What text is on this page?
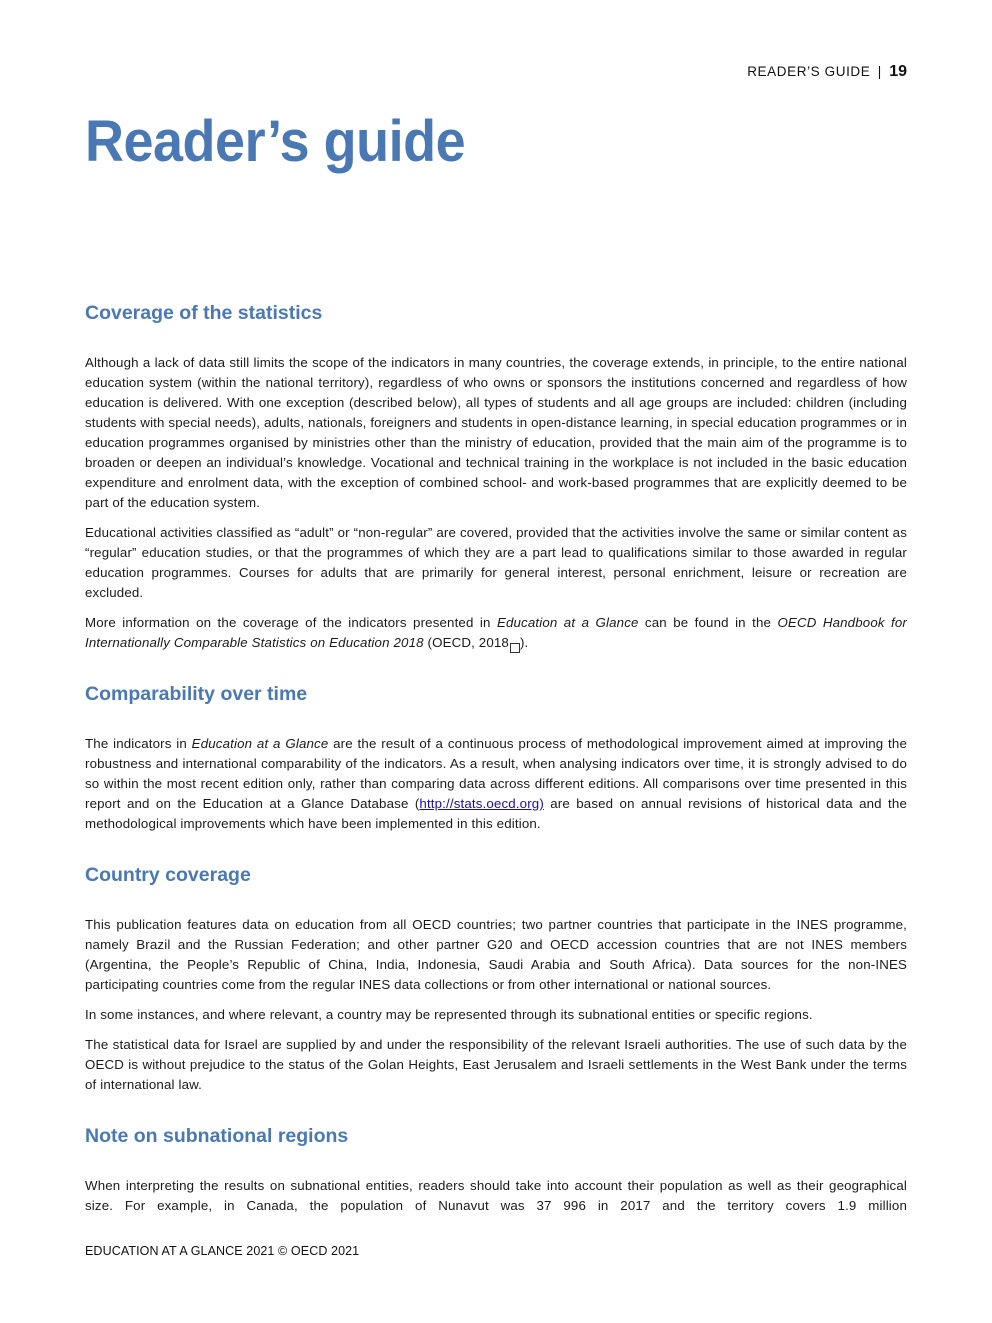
READER’S GUIDE | 19
Reader’s guide
Coverage of the statistics

Although a lack of data still limits the scope of the indicators in many countries, the coverage extends, in principle, to the entire national education system (within the national territory), regardless of who owns or sponsors the institutions concerned and regardless of how education is delivered. With one exception (described below), all types of students and all age groups are included: children (including students with special needs), adults, nationals, foreigners and students in open-distance learning, in special education programmes or in education programmes organised by ministries other than the ministry of education, provided that the main aim of the programme is to broaden or deepen an individual’s knowledge. Vocational and technical training in the workplace is not included in the basic education expenditure and enrolment data, with the exception of combined school- and work-based programmes that are explicitly deemed to be part of the education system.

Educational activities classified as “adult” or “non-regular” are covered, provided that the activities involve the same or similar content as “regular” education studies, or that the programmes of which they are a part lead to qualifications similar to those awarded in regular education programmes. Courses for adults that are primarily for general interest, personal enrichment, leisure or recreation are excluded.

More information on the coverage of the indicators presented in Education at a Glance can be found in the OECD Handbook for Internationally Comparable Statistics on Education 2018 (OECD, 2018 ).

Comparability over time

The indicators in Education at a Glance are the result of a continuous process of methodological improvement aimed at improving the robustness and international comparability of the indicators. As a result, when analysing indicators over time, it is strongly advised to do so within the most recent edition only, rather than comparing data across different editions. All comparisons over time presented in this report and on the Education at a Glance Database (http://stats.oecd.org) are based on annual revisions of historical data and the methodological improvements which have been implemented in this edition.

Country coverage

This publication features data on education from all OECD countries; two partner countries that participate in the INES programme, namely Brazil and the Russian Federation; and other partner G20 and OECD accession countries that are not INES members (Argentina, the People’s Republic of China, India, Indonesia, Saudi Arabia and South Africa). Data sources for the non-INES participating countries come from the regular INES data collections or from other international or national sources.

In some instances, and where relevant, a country may be represented through its subnational entities or specific regions.

The statistical data for Israel are supplied by and under the responsibility of the relevant Israeli authorities. The use of such data by the OECD is without prejudice to the status of the Golan Heights, East Jerusalem and Israeli settlements in the West Bank under the terms of international law.

Note on subnational regions

When interpreting the results on subnational entities, readers should take into account their population as well as their geographical size. For example, in Canada, the population of Nunavut was 37 996 in 2017 and the territory covers 1.9 million

EDUCATION AT A GLANCE 2021 © OECD 2021
